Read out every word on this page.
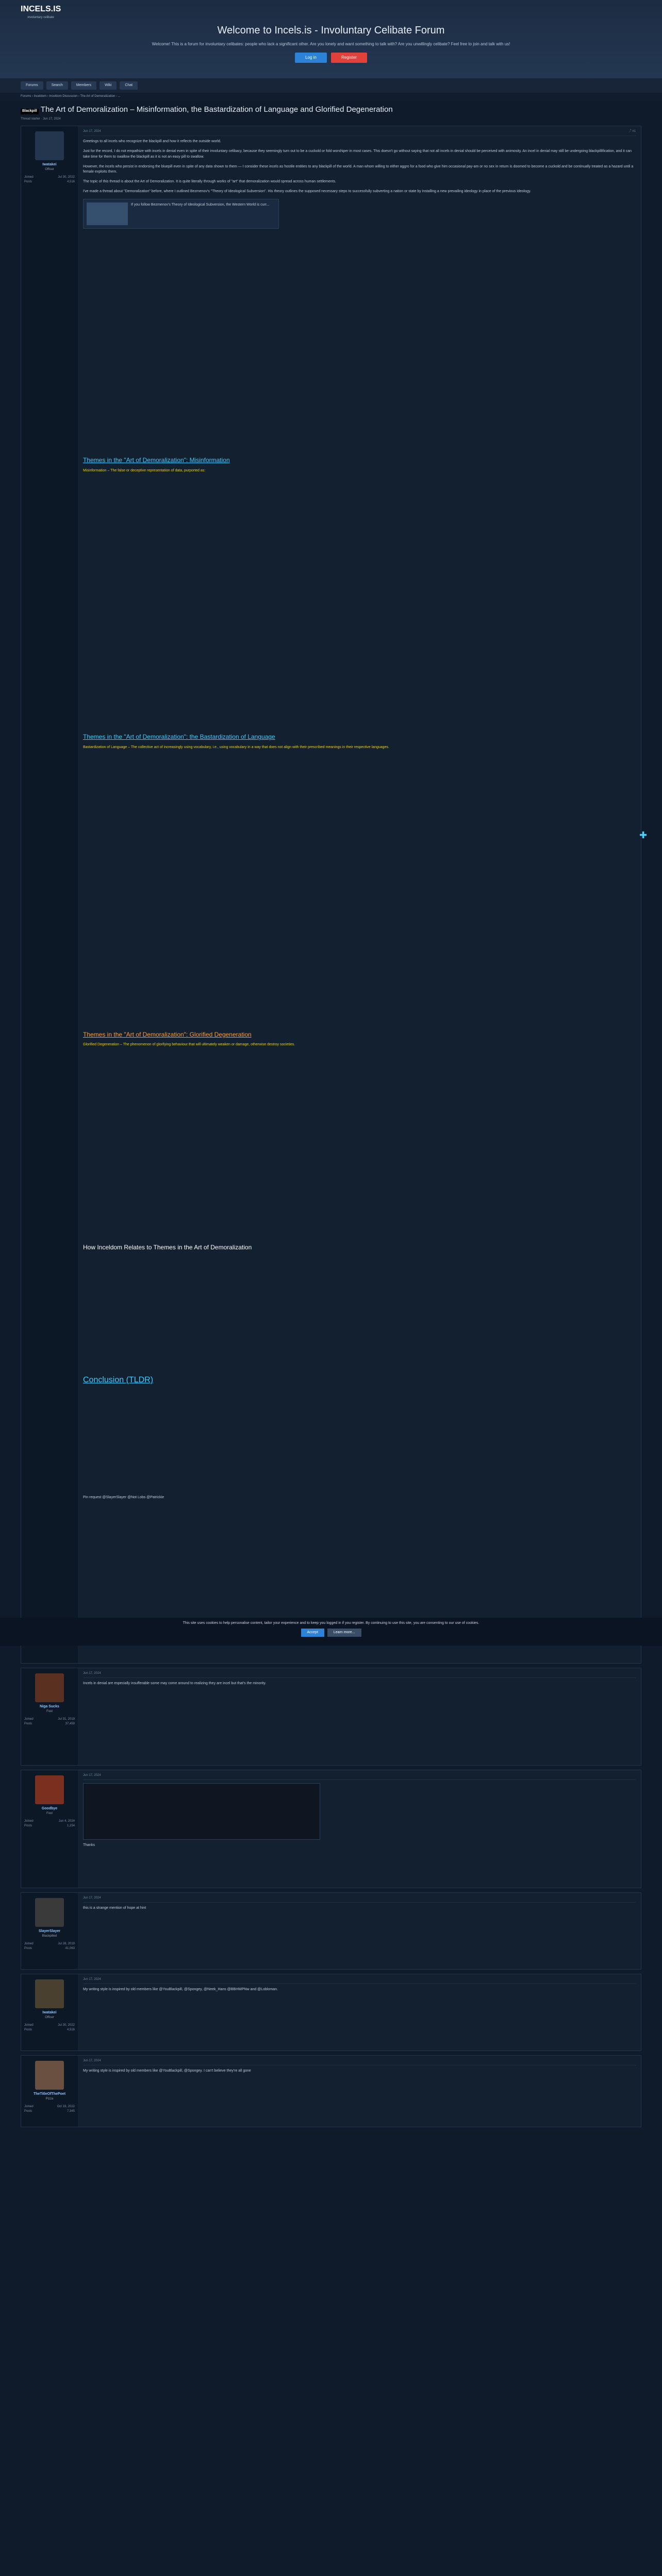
INCELS.IS
involuntary celibate
Welcome to Incels.is - Involuntary Celibate Forum

Welcome! This is a forum for involuntary celibates: people who lack a significant other. Are you lonely and want something to talk with? Are you unwillingly celibate? Feel free to join and talk with us!

Log in	Register
Forums	Search	Members	Wiki	Chat
Forums › Inceldom › Inceldom Discussion › The Art of Demoralization - ...
Blackpill The Art of Demoralization – Misinformation, the Bastardization of Language and Glorified Degeneration
Thread starter · Jun 17, 2024
Iwatakei
Officer
Joined	Jul 30, 2022
Posts	4,516
Jun 17, 2024	⤴ #1

Greetings to all incels who recognize the blackpill and how it reflects the outside world.

Just for the record, I do not empathize with incels in denial even in spite of their involuntary celibacy, because they seemingly turn out to be a cuckold or fold worshiper in most cases. This doesn't go without saying that not all incels in denial should be perceived with animosity. An incel in denial may still be undergoing blackpillification, and it can take time for them to swallow the blackpill as it is not an easy pill to swallow.

However, the incels who persist in endorsing the bluepill even in spite of any data shown to them — I consider these incels as hostile entities to any blackpill of the world. A man whom willing to either aggro for a food who give him occasional pay-am or no sex in return is doomed to become a cuckold and be continually treated as a hazard until a female exploits them.

The topic of this thread is about the Art of Demoralization. It is quite literally through works of "art" that demoralization would spread across human settlements.

I've made a thread about "Demoralization" before, where I outlined Bezmenov's "Theory of Ideological Subversion". His theory outlines the supposed necessary steps to successfully subverting a nation or state by installing a new prevailing ideology in place of the previous ideology.

If you follow Bezmenov's Theory of Ideological Subversion, the Western World is curr...
Themes in the "Art of Demoralization": Misinformation

Misinformation – The false or deceptive representation of data, purported as:

Themes in the "Art of Demoralization": the Bastardization of Language

Bastardization of Language – The collective act of increasingly using vocabulary, i.e., using vocabulary in a way that does not align with their prescribed meanings in their respective languages.

Themes in the "Art of Demoralization": Glorified Degeneration

Glorified Degeneration – The phenomenon of glorifying behaviour that will ultimately weaken or damage, otherwise destroy societies.

How Inceldom Relates to Themes in the Art of Demoralization
Conclusion (TLDR)

Pin request @SlayerSlayer @Not Lobs @Patrickie

Niga Sucks
Fool
Joined	Jul 31, 2019
Posts	37,459
Jun 17, 2024

Incels in denial are especially insufferable some may come around to realizing they are incel but that's the minority.

Goodbye
Fool
Joined	Jun 4, 2024
Posts	1,154
Jun 17, 2024

Thanks

SlayerSlayer
Blackpilled
Joined	Jul 28, 2019
Posts	41,063
Jun 17, 2024

this is a strange mention of hope at hint

Iwatakei
Officer
Joined	Jul 30, 2022
Posts	4,516
Jun 17, 2024

My writing style is inspired by old members like @YouBlackpill, @Spongey, @Neek_Hans @BBHWPNw and @Lobloman.

TheTitleOfThePoet
Pizza
Joined	Oct 19, 2022
Posts	7,345
Jun 17, 2024

My writing style is inspired by old members like @YouBlackpill, @Spongey. I can't believe they're all gone

This site uses cookies to help personalise content, tailor your experience and to keep you logged in if you register. By continuing to use this site, you are consenting to our use of cookies.
Accept	Learn more...
✚
